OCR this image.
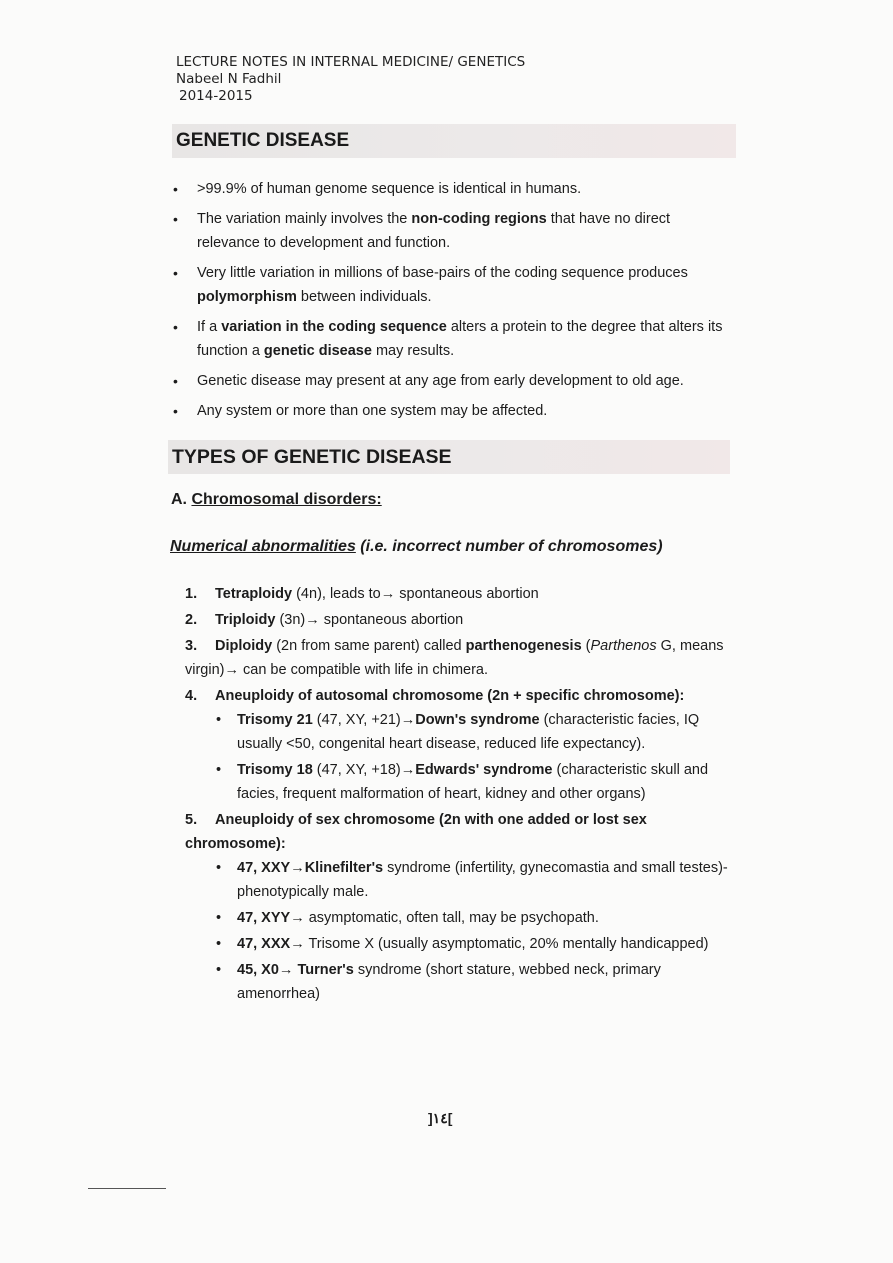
LECTURE NOTES IN INTERNAL MEDICINE/ GENETICS
Nabeel N Fadhil
2014-2015
GENETIC DISEASE
• >99.9% of human genome sequence is identical in humans.
• The variation mainly involves the non-coding regions that have no direct relevance to development and function.
• Very little variation in millions of base-pairs of the coding sequence produces polymorphism between individuals.
• If a variation in the coding sequence alters a protein to the degree that alters its function a genetic disease may results.
• Genetic disease may present at any age from early development to old age.
• Any system or more than one system may be affected.
TYPES OF GENETIC DISEASE
A. Chromosomal disorders:
Numerical abnormalities (i.e. incorrect number of chromosomes)
1. Tetraploidy (4n), leads to→ spontaneous abortion
2. Triploidy (3n)→ spontaneous abortion
3. Diploidy (2n from same parent) called parthenogenesis (Parthenos G, means virgin)→ can be compatible with life in chimera.
4. Aneuploidy of autosomal chromosome (2n + specific chromosome):
• Trisomy 21 (47, XY, +21)→Down's syndrome (characteristic facies, IQ usually <50, congenital heart disease, reduced life expectancy).
• Trisomy 18 (47, XY, +18)→Edwards' syndrome (characteristic skull and facies, frequent malformation of heart, kidney and other organs)
5. Aneuploidy of sex chromosome (2n with one added or lost sex chromosome):
• 47, XXY→Klinefilter's syndrome (infertility, gynecomastia and small testes)- phenotypically male.
• 47, XYY→ asymptomatic, often tall, may be psychopath.
• 47, XXX→ Trisome X (usually asymptomatic, 20% mentally handicapped)
• 45, X0→ Turner's syndrome (short stature, webbed neck, primary amenorrhea)
]١٤[
